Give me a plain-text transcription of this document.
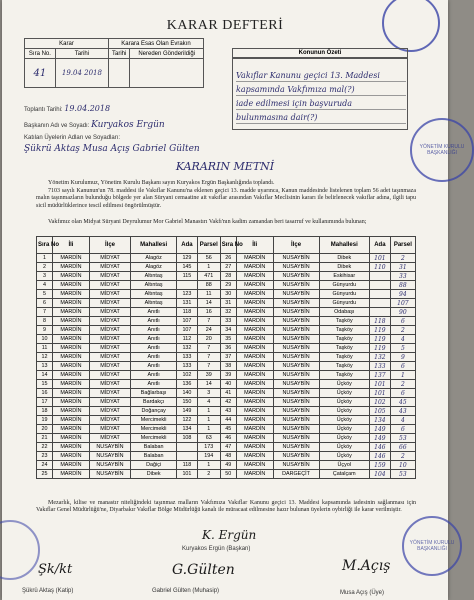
KARAR DEFTERİ
YÖNETİM KURULU BAŞKANLIĞI
Karar		Karara Esas Olan Evrakın	
Sıra No.	Tarihi	Tarihi	Nereden Gönderildiği
41	19.04 2018		
Konunun Özeti
Vakıflar Kanunu geçici 13. Maddesi
kapsamında Vakfımıza mal(?)
iade edilmesi için başvuruda
bulunmasına dair(?)
Toplantı Tarihi: 19.04.2018
Başkanın Adı ve Soyadı: Kuryakos Ergün
Katılan Üyelerin Adları ve Soyadları:
Şükrü Aktaş Musa Açış Gabriel Gülten
KARARIN METNİ
Yönetim Kurulumuz, Yönetim Kurulu Başkanı sayın Kuryakos Ergün Başkanlığında toplandı.
7103 sayılı Kanunun'un 78. maddesi ile Vakıflar Kanunu'na eklenen geçici 13. madde uyarınca, Kanun maddesinde listelenen toplam 56 adet taşınmaza malın taşınmazların bulunduğu bölgede yer alan Süryani cemaatine ait vakıflar arasından Vakıflar Meclisinin kararı ile belirlenecek vakıflar adına, ilgili tapu sicil müdürlüklerince tescil edilmesi öngörülmüştür.
Vakfımız olan Midyat Süryani Deyrulumur Mor Gabriel Manastırı Vakfı'nın kadim zamandan beri tasarruf ve kullanımında bulunan;
Sıra No	İli	İlçe	Mahallesi	Ada	Parsel	Sıra No	İli	İlçe	Mahallesi	Ada	Parsel
1	MARDİN	MİDYAT	Alagöz	129	56	26	MARDİN	NUSAYBİN	Dibek	101	2
2	MARDİN	MİDYAT	Alagöz	145	1	27	MARDİN	NUSAYBİN	Dibek	110	31
3	MARDİN	MİDYAT	Altıntaş	115	471	28	MARDİN	NUSAYBİN	Eskihisar		33
4	MARDİN	MİDYAT	Altıntaş		88	29	MARDİN	NUSAYBİN	Günyurdu		88
5	MARDİN	MİDYAT	Altıntaş	123	11	30	MARDİN	NUSAYBİN	Günyurdu		94
6	MARDİN	MİDYAT	Altıntaş	131	14	31	MARDİN	NUSAYBİN	Günyurdu		107
7	MARDİN	MİDYAT	Anıtlı	118	16	32	MARDİN	NUSAYBİN	Odabaşı		90
8	MARDİN	MİDYAT	Anıtlı	107	7	33	MARDİN	NUSAYBİN	Taşköy	118	6
9	MARDİN	MİDYAT	Anıtlı	107	24	34	MARDİN	NUSAYBİN	Taşköy	119	2
10	MARDİN	MİDYAT	Anıtlı	112	20	35	MARDİN	NUSAYBİN	Taşköy	119	4
11	MARDİN	MİDYAT	Anıtlı	132	7	36	MARDİN	NUSAYBİN	Taşköy	119	5
12	MARDİN	MİDYAT	Anıtlı	133	7	37	MARDİN	NUSAYBİN	Taşköy	132	9
13	MARDİN	MİDYAT	Anıtlı	133	7	38	MARDİN	NUSAYBİN	Taşköy	133	6
14	MARDİN	MİDYAT	Anıtlı	102	39	39	MARDİN	NUSAYBİN	Taşköy	137	1
15	MARDİN	MİDYAT	Anıtlı	136	14	40	MARDİN	NUSAYBİN	Üçköy	101	2
16	MARDİN	MİDYAT	Bağlarbaşı	140	3	41	MARDİN	NUSAYBİN	Üçköy	101	6
17	MARDİN	MİDYAT	Bardakçı	150	4	42	MARDİN	NUSAYBİN	Üçköy	102	45
18	MARDİN	MİDYAT	Doğançay	149	1	43	MARDİN	NUSAYBİN	Üçköy	105	43
19	MARDİN	MİDYAT	Mercimekli	122	1	44	MARDİN	NUSAYBİN	Üçköy	134	4
20	MARDİN	MİDYAT	Mercimekli	134	1	45	MARDİN	NUSAYBİN	Üçköy	149	6
21	MARDİN	MİDYAT	Mercimekli	108	63	46	MARDİN	NUSAYBİN	Üçköy	149	53
22	MARDİN	NUSAYBİN	Balaban		173	47	MARDİN	NUSAYBİN	Üçköy	146	66
23	MARDİN	NUSAYBİN	Balaban		194	48	MARDİN	NUSAYBİN	Üçköy	146	2
24	MARDİN	NUSAYBİN	Dağiçi	118	1	49	MARDİN	NUSAYBİN	Üçyol	159	10
25	MARDİN	NUSAYBİN	Dibek	101	2	50	MARDİN	DARGEÇİT	Çatalçam	104	53
Mezarlık, kilise ve manastır niteliğindeki taşınmaz malların Vakfımıza Vakıflar Kanunu geçici 13. Maddesi kapsamında iadesinin sağlanması için Vakıflar Genel Müdürlüğü'ne, Diyarbakır Vakıflar Bölge Müdürlüğü kanalı ile müracaat edilmesine hazır bulunan üyelerin oybirliği ile karar verilmiştir.
K. Ergün
Kuryakos Ergün (Başkan)
Şk/kt	G.Gülten	M.Açış
Şükrü Aktaş (Katip)	Gabriel Gülten (Muhasip)	Musa Açış (Üye)
YÖNETİM KURULU BAŞKANLIĞI
